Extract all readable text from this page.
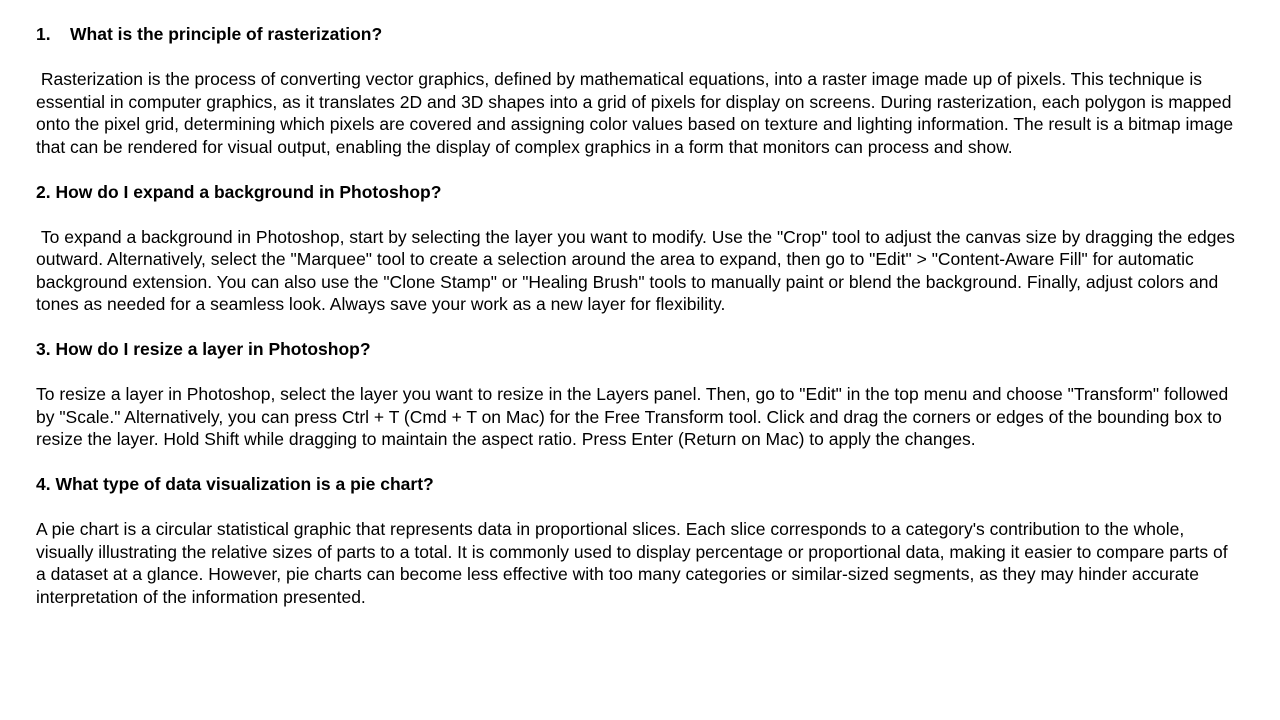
1.    What is the principle of rasterization?

Rasterization is the process of converting vector graphics, defined by mathematical equations, into a raster image made up of pixels. This technique is essential in computer graphics, as it translates 2D and 3D shapes into a grid of pixels for display on screens. During rasterization, each polygon is mapped onto the pixel grid, determining which pixels are covered and assigning color values based on texture and lighting information. The result is a bitmap image that can be rendered for visual output, enabling the display of complex graphics in a form that monitors can process and show.

2. How do I expand a background in Photoshop?

To expand a background in Photoshop, start by selecting the layer you want to modify. Use the "Crop" tool to adjust the canvas size by dragging the edges outward. Alternatively, select the "Marquee" tool to create a selection around the area to expand, then go to "Edit" > "Content-Aware Fill" for automatic background extension. You can also use the "Clone Stamp" or "Healing Brush" tools to manually paint or blend the background. Finally, adjust colors and tones as needed for a seamless look. Always save your work as a new layer for flexibility.

3. How do I resize a layer in Photoshop?

To resize a layer in Photoshop, select the layer you want to resize in the Layers panel. Then, go to "Edit" in the top menu and choose "Transform" followed by "Scale." Alternatively, you can press Ctrl + T (Cmd + T on Mac) for the Free Transform tool. Click and drag the corners or edges of the bounding box to resize the layer. Hold Shift while dragging to maintain the aspect ratio. Press Enter (Return on Mac) to apply the changes.

4. What type of data visualization is a pie chart?

A pie chart is a circular statistical graphic that represents data in proportional slices. Each slice corresponds to a category's contribution to the whole, visually illustrating the relative sizes of parts to a total. It is commonly used to display percentage or proportional data, making it easier to compare parts of a dataset at a glance. However, pie charts can become less effective with too many categories or similar-sized segments, as they may hinder accurate interpretation of the information presented.
